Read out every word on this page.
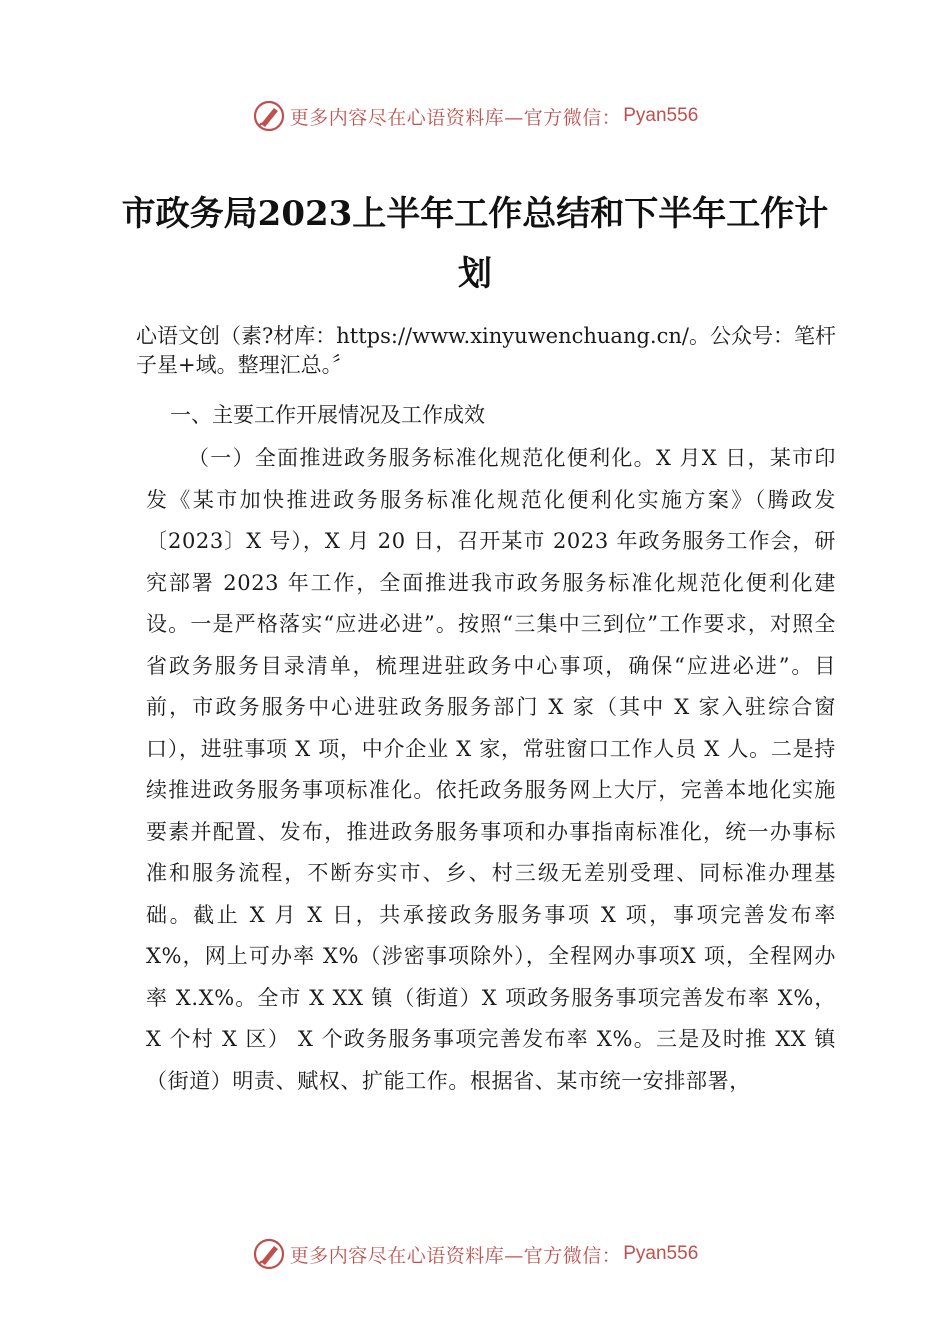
更多内容尽在心语资料库—官方微信： Pyan556
市政务局2023上半年工作总结和下半年工作计划
心语文创（素?材库：https://www.xinyuwenchuang.cn/。公众号：笔杆子星+域。整理汇总。〞
一、主要工作开展情况及工作成效
（一）全面推进政务服务标准化规范化便利化。X 月X 日，某市印发《某市加快推进政务服务标准化规范化便利化实施方案》（腾政发〔2023〕X 号），X 月 20 日，召开某市 2023 年政务服务工作会，研究部署 2023 年工作，全面推进我市政务服务标准化规范化便利化建设。一是严格落实“应进必进”。按照“三集中三到位”工作要求，对照全省政务服务目录清单，梳理进驻政务中心事项，确保“应进必进”。目前，市政务服务中心进驻政务服务部门 X 家（其中 X 家入驻综合窗口），进驻事项 X 项，中介企业 X 家，常驻窗口工作人员 X 人。二是持续推进政务服务事项标准化。依托政务服务网上大厅，完善本地化实施要素并配置、发布，推进政务服务事项和办事指南标准化，统一办事标准和服务流程，不断夯实市、乡、村三级无差别受理、同标准办理基础。截止 X 月 X 日，共承接政务服务事项 X 项，事项完善发布率 X%，网上可办率 X%（涉密事项除外），全程网办事项X 项，全程网办率 X.X%。全市 X XX 镇（街道）X 项政务服务事项完善发布率 X%，X 个村 X 区） X 个政务服务事项完善发布率 X%。三是及时推 XX 镇（街道）明责、赋权、扩能工作。根据省、某市统一安排部署，
更多内容尽在心语资料库—官方微信： Pyan556
